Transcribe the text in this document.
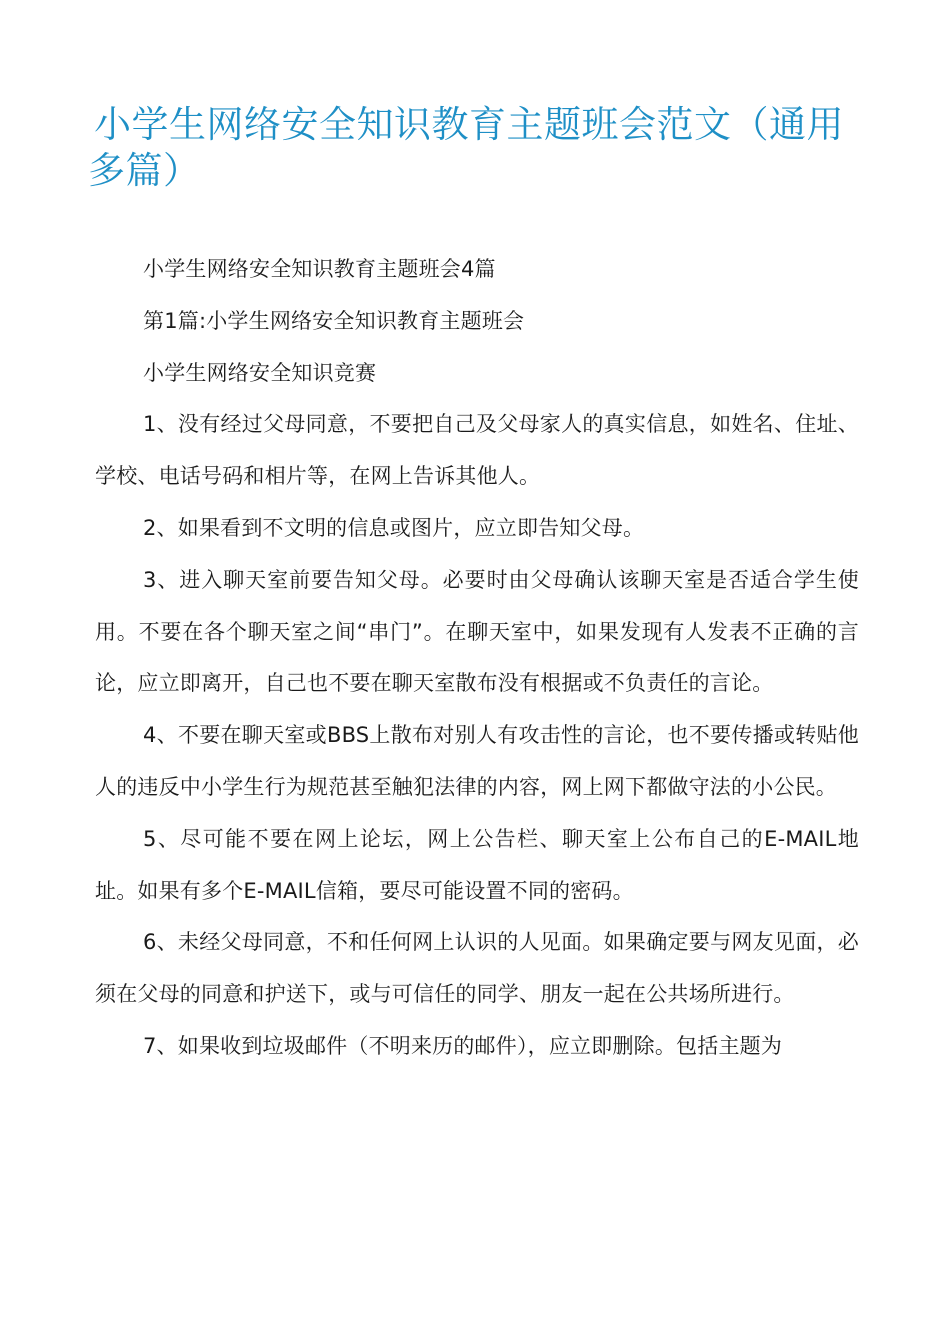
小学生网络安全知识教育主题班会范文（通用多篇）

小学生网络安全知识教育主题班会4篇

第1篇:小学生网络安全知识教育主题班会

小学生网络安全知识竞赛

1、没有经过父母同意，不要把自己及父母家人的真实信息，如姓名、住址、学校、电话号码和相片等，在网上告诉其他人。

2、如果看到不文明的信息或图片，应立即告知父母。

3、进入聊天室前要告知父母。必要时由父母确认该聊天室是否适合学生使用。不要在各个聊天室之间“串门”。在聊天室中，如果发现有人发表不正确的言论，应立即离开，自己也不要在聊天室散布没有根据或不负责任的言论。

4、不要在聊天室或BBS上散布对别人有攻击性的言论，也不要传播或转贴他人的违反中小学生行为规范甚至触犯法律的内容，网上网下都做守法的小公民。

5、尽可能不要在网上论坛，网上公告栏、聊天室上公布自己的E-MAIL地址。如果有多个E-MAIL信箱，要尽可能设置不同的密码。

6、未经父母同意，不和任何网上认识的人见面。如果确定要与网友见面，必须在父母的同意和护送下，或与可信任的同学、朋友一起在公共场所进行。

7、如果收到垃圾邮件（不明来历的邮件），应立即删除。包括主题为
